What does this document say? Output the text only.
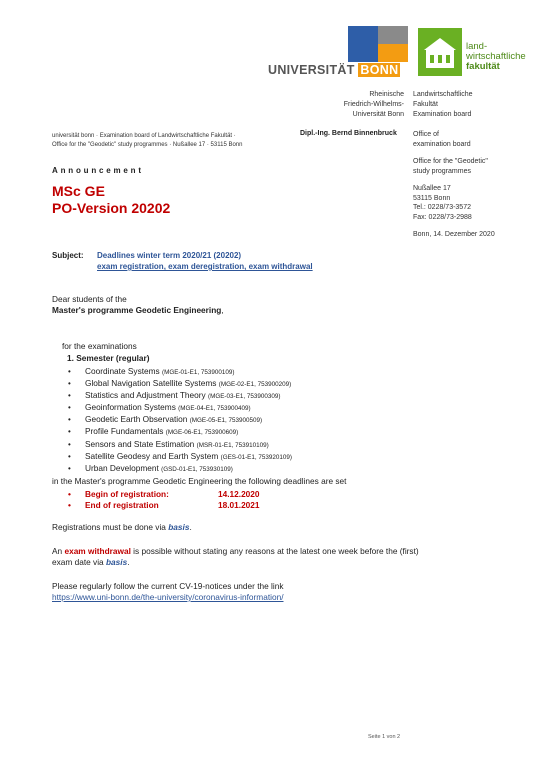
UNIVERSITÄT BONN
land-
wirtschaftliche
fakultät
Rheinische
Friedrich-Wilhelms-
Universität Bonn
Landwirtschaftliche
Fakultät
Examination board
universität bonn · Examination board of Landwirtschaftliche Fakultät ·
Office for the "Geodetic" study programmes · Nußallee 17 · 53115 Bonn
Dipl.-Ing. Bernd Binnenbruck Office of
examination board
Office for the "Geodetic"
study programmes
Nußallee 17
53115 Bonn
Tel.: 0228/73-3572
Fax: 0228/73-2988
Bonn, 14. Dezember 2020
Announcement
MSc GE
PO-Version 20202
Subject: Deadlines winter term 2020/21 (20202)
exam registration, exam deregistration, exam withdrawal
Dear students of the
Master's programme Geodetic Engineering,
for the examinations
1. Semester (regular)
• Coordinate Systems (MGE-01-E1, 753900109)
• Global Navigation Satellite Systems (MGE-02-E1, 753900209)
• Statistics and Adjustment Theory (MGE-03-E1, 753900309)
• Geoinformation Systems (MGE-04-E1, 753900409)
• Geodetic Earth Observation (MGE-05-E1, 753900509)
• Profile Fundamentals (MGE-06-E1, 753900609)
• Sensors and State Estimation (MSR-01-E1, 753910109)
• Satellite Geodesy and Earth System (GES-01-E1, 753920109)
• Urban Development (GSD-01-E1, 753930109)
in the Master's programme Geodetic Engineering the following deadlines are set
• Begin of registration:	14.12.2020
• End of registration	18.01.2021
Registrations must be done via basis.
An exam withdrawal is possible without stating any reasons at the latest one week before the (first) exam date via basis.
Please regularly follow the current CV-19-notices under the link
https://www.uni-bonn.de/the-university/coronavirus-information/
Seite 1 von 2
